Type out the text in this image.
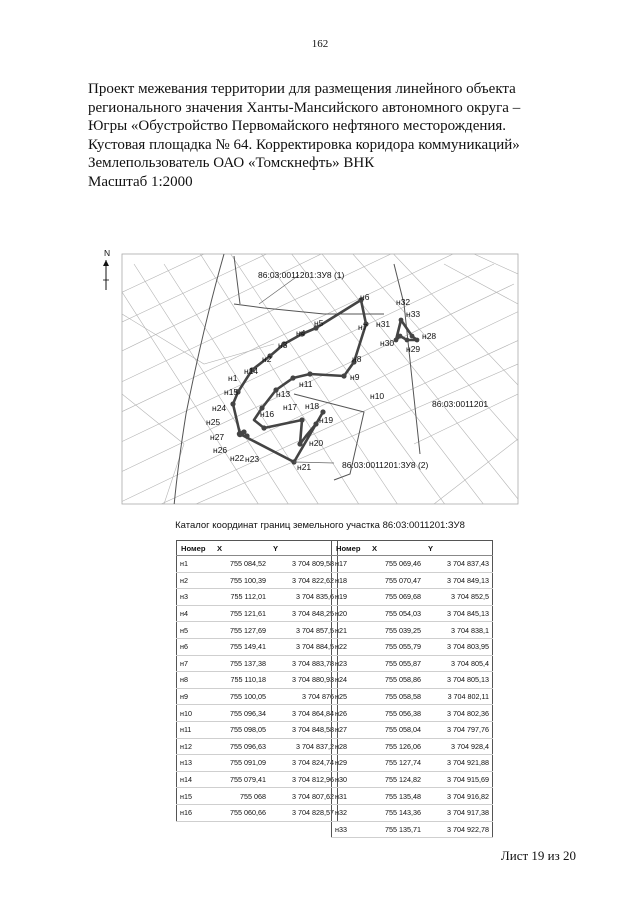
162
Проект межевания территории для размещения линейного объекта
регионального значения Ханты-Мансийского автономного округа –
Югры «Обустройство Первомайского нефтяного месторождения.
Кустовая площадка № 64. Корректировка коридора коммуникаций»
Землепользователь ОАО «Томскнефть» ВНК
Масштаб 1:2000
N
86:03:0011201:ЗУ8 (1)
86:03:0011201
86:03:0011201:ЗУ8 (2)
н6
н7
н5
н4
н3
н2
н14
н1
н15
н8
н9
н10
н11
н13
н24
н16
н17 н18
н19
н25
н27
н20
н26
н22 н23
н21
н32
н33
н31
н28
н30
н29
Каталог координат границ земельного участка 86:03:0011201:ЗУ8
Номер	X	Y
н1	755 084,52	3 704 809,58
н2	755 100,39	3 704 822,62
н3	755 112,01	3 704 835,6
н4	755 121,61	3 704 848,25
н5	755 127,69	3 704 857,5
н6	755 149,41	3 704 884,5
н7	755 137,38	3 704 883,78
н8	755 110,18	3 704 880,93
н9	755 100,05	3 704 876
н10	755 096,34	3 704 864,84
н11	755 098,05	3 704 848,58
н12	755 096,63	3 704 837,2
н13	755 091,09	3 704 824,74
н14	755 079,41	3 704 812,96
н15	755 068	3 704 807,62
н16	755 060,66	3 704 828,57
Номер	X	Y
н17	755 069,46	3 704 837,43
н18	755 070,47	3 704 849,13
н19	755 069,68	3 704 852,5
н20	755 054,03	3 704 845,13
н21	755 039,25	3 704 838,1
н22	755 055,79	3 704 803,95
н23	755 055,87	3 704 805,4
н24	755 058,86	3 704 805,13
н25	755 058,58	3 704 802,11
н26	755 056,38	3 704 802,36
н27	755 058,04	3 704 797,76
н28	755 126,06	3 704 928,4
н29	755 127,74	3 704 921,88
н30	755 124,82	3 704 915,69
н31	755 135,48	3 704 916,82
н32	755 143,36	3 704 917,38
н33	755 135,71	3 704 922,78
Лист 19 из 20
